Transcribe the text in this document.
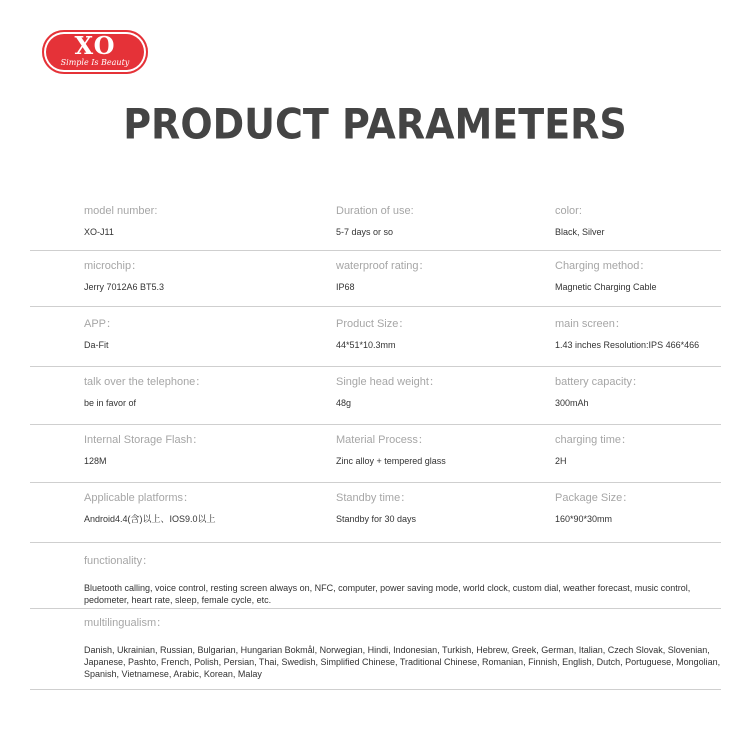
XO
Simple Is Beauty
PRODUCT PARAMETERS
model number:
XO-J11
Duration of use:
5-7 days or so
color:
Black, Silver
microchip：
Jerry 7012A6 BT5.3
waterproof rating：
IP68
Charging method：
Magnetic Charging Cable
APP：
Da-Fit
Product Size：
44*51*10.3mm
main screen：
1.43 inches Resolution:IPS 466*466
talk over the telephone：
be in favor of
Single head weight：
48g
battery capacity：
300mAh
Internal Storage Flash：
128M
Material Process：
Zinc alloy + tempered glass
charging time：
2H
Applicable platforms：
Android4.4(含)以上、IOS9.0以上
Standby time：
Standby for 30 days
Package Size：
160*90*30mm
functionality：
Bluetooth calling, voice control, resting screen always on, NFC, computer, power saving mode, world clock, custom dial, weather forecast, music control, pedometer, heart rate, sleep, female cycle, etc.
multilingualism：
Danish, Ukrainian, Russian, Bulgarian, Hungarian Bokmål, Norwegian, Hindi, Indonesian, Turkish, Hebrew, Greek, German, Italian, Czech Slovak, Slovenian, Japanese, Pashto, French, Polish, Persian, Thai, Swedish, Simplified Chinese, Traditional Chinese, Romanian, Finnish, English, Dutch, Portuguese, Mongolian, Spanish, Vietnamese, Arabic, Korean, Malay
